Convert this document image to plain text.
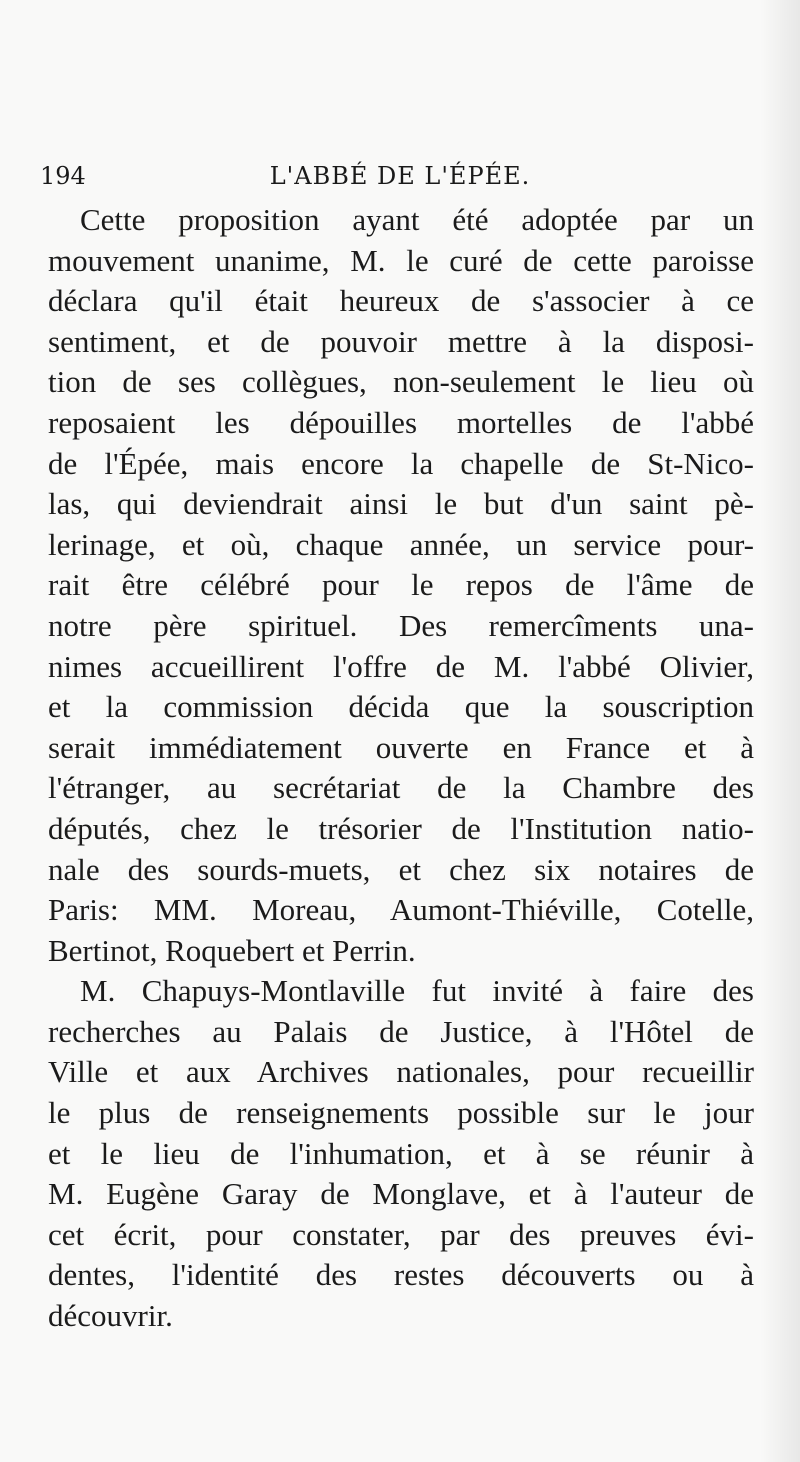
194	L'ABBÉ DE L'ÉPÉE.
Cette proposition ayant été adoptée par un
mouvement unanime, M. le curé de cette paroisse
déclara qu'il était heureux de s'associer à ce
sentiment, et de pouvoir mettre à la disposi-
tion de ses collègues, non-seulement le lieu où
reposaient les dépouilles mortelles de l'abbé
de l'Épée, mais encore la chapelle de St-Nico-
las, qui deviendrait ainsi le but d'un saint pè-
lerinage, et où, chaque année, un service pour-
rait être célébré pour le repos de l'âme de
notre père spirituel. Des remercîments una-
nimes accueillirent l'offre de M. l'abbé Olivier,
et la commission décida que la souscription
serait immédiatement ouverte en France et à
l'étranger, au secrétariat de la Chambre des
députés, chez le trésorier de l'Institution natio-
nale des sourds-muets, et chez six notaires de
Paris: MM. Moreau, Aumont-Thiéville, Cotelle,
Bertinot, Roquebert et Perrin.
M. Chapuys-Montlaville fut invité à faire des
recherches au Palais de Justice, à l'Hôtel de
Ville et aux Archives nationales, pour recueillir
le plus de renseignements possible sur le jour
et le lieu de l'inhumation, et à se réunir à
M. Eugène Garay de Monglave, et à l'auteur de
cet écrit, pour constater, par des preuves évi-
dentes, l'identité des restes découverts ou à
découvrir.
